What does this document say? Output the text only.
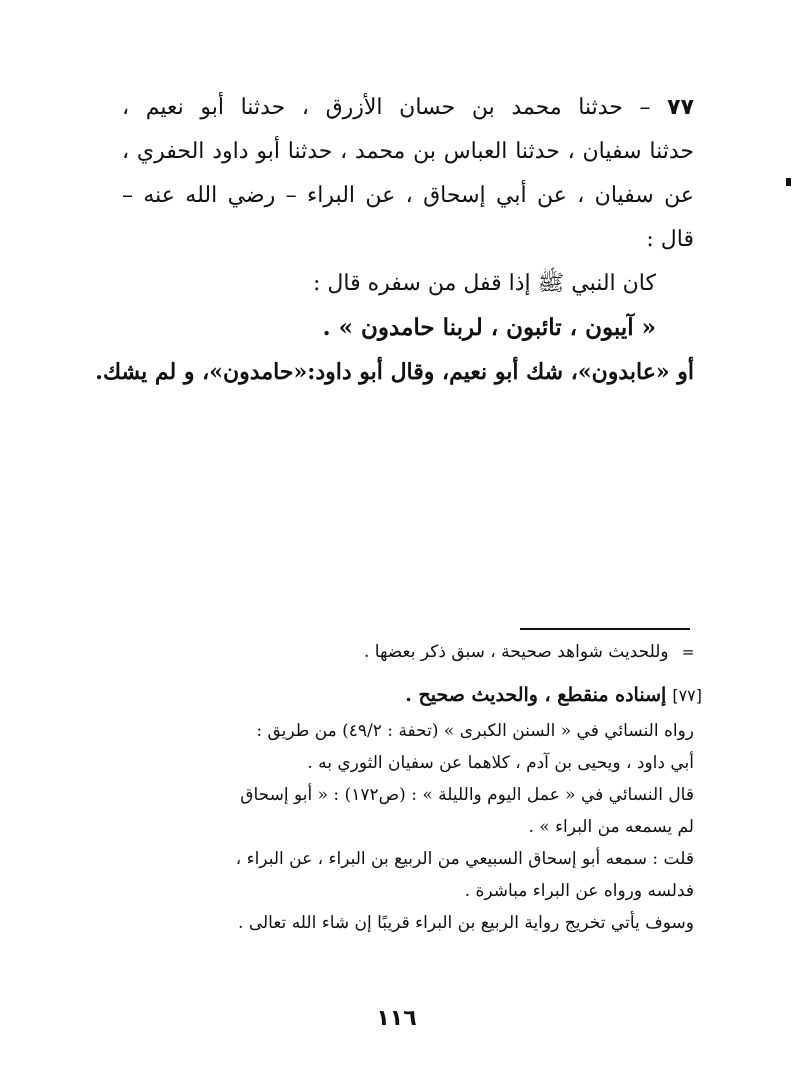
٧٧ – حدثنا محمد بن حسان الأزرق ، حدثنا أبو نعيم ،
حدثنا سفيان ، حدثنا العباس بن محمد ، حدثنا أبو داود الحفري ،
عن سفيان ، عن أبي إسحاق ، عن البراء – رضي الله عنه –
قال :
كان النبي ﷺ إذا قفل من سفره قال :
« آيبون ، تائبون ، لربنا حامدون » .
أو «عابدون»، شك أبو نعيم، وقال أبو داود:«حامدون»، و لم يشك.
= وللحديث شواهد صحيحة ، سبق ذكر بعضها .
[٧٧] إسناده منقطع ، والحديث صحيح .
رواه النسائي في « السنن الكبرى » (تحفة : ٤٩/٢) من طريق :
أبي داود ، ويحيى بن آدم ، كلاهما عن سفيان الثوري به .
قال النسائي في « عمل اليوم والليلة » : (ص١٧٢) : « أبو إسحاق
لم يسمعه من البراء » .
قلت : سمعه أبو إسحاق السبيعي من الربيع بن البراء ، عن البراء ،
فدلسه ورواه عن البراء مباشرة .
وسوف يأتي تخريج رواية الربيع بن البراء قريبًا إن شاء الله تعالى .
١١٦
